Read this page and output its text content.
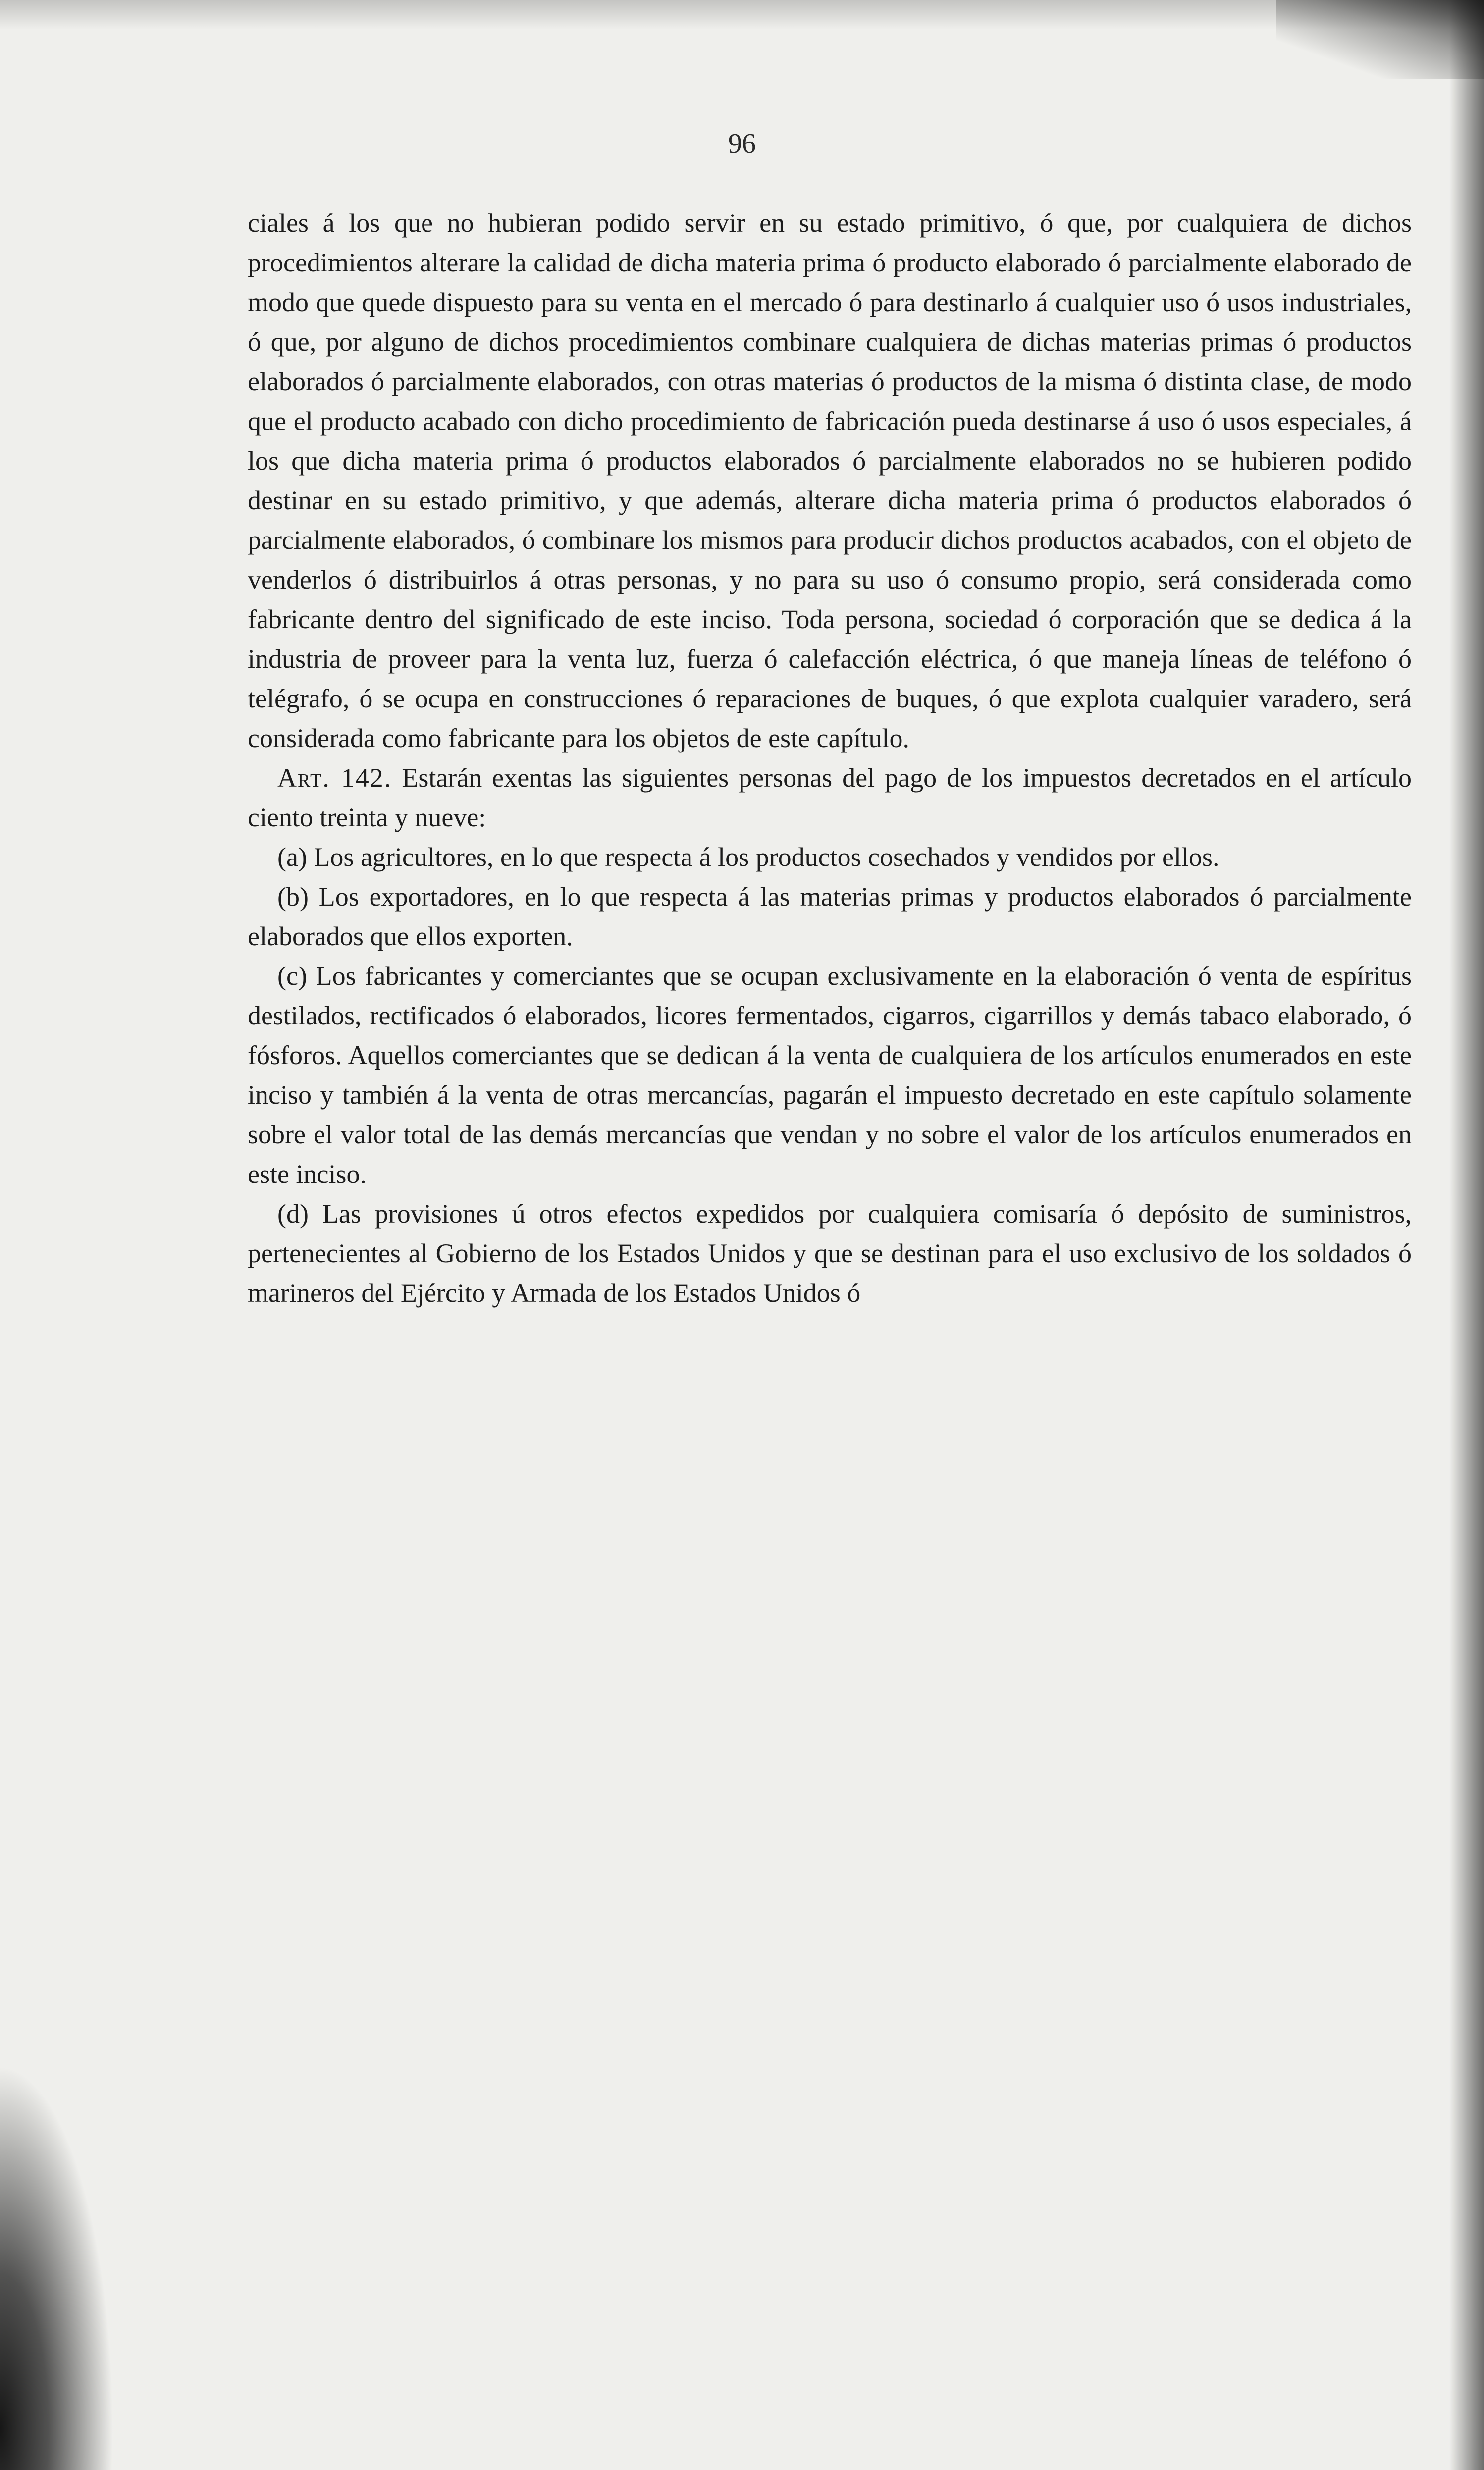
96

ciales á los que no hubieran podido servir en su estado primitivo, ó que, por cualquiera de dichos procedimientos alterare la calidad de dicha materia prima ó producto elaborado ó parcialmente elaborado de modo que quede dispuesto para su venta en el mercado ó para destinarlo á cualquier uso ó usos industriales, ó que, por alguno de dichos procedimientos combinare cualquiera de dichas materias primas ó productos elaborados ó parcialmente elaborados, con otras materias ó productos de la misma ó distinta clase, de modo que el producto acabado con dicho procedimiento de fabricación pueda destinarse á uso ó usos especiales, á los que dicha materia prima ó productos elaborados ó parcialmente elaborados no se hubieren podido destinar en su estado primitivo, y que además, alterare dicha materia prima ó productos elaborados ó parcialmente elaborados, ó combinare los mismos para producir dichos productos acabados, con el objeto de venderlos ó distribuirlos á otras personas, y no para su uso ó consumo propio, será considerada como fabricante dentro del significado de este inciso. Toda persona, sociedad ó corporación que se dedica á la industria de proveer para la venta luz, fuerza ó calefacción eléctrica, ó que maneja líneas de teléfono ó telégrafo, ó se ocupa en construcciones ó reparaciones de buques, ó que explota cualquier varadero, será considerada como fabricante para los objetos de este capítulo.

Art. 142. Estarán exentas las siguientes personas del pago de los impuestos decretados en el artículo ciento treinta y nueve:

(a) Los agricultores, en lo que respecta á los productos cosechados y vendidos por ellos.

(b) Los exportadores, en lo que respecta á las materias primas y productos elaborados ó parcialmente elaborados que ellos exporten.

(c) Los fabricantes y comerciantes que se ocupan exclusivamente en la elaboración ó venta de espíritus destilados, rectificados ó elaborados, licores fermentados, cigarros, cigarrillos y demás tabaco elaborado, ó fósforos. Aquellos comerciantes que se dedican á la venta de cualquiera de los artículos enumerados en este inciso y también á la venta de otras mercancías, pagarán el impuesto decretado en este capítulo solamente sobre el valor total de las demás mercancías que vendan y no sobre el valor de los artículos enumerados en este inciso.

(d) Las provisiones ú otros efectos expedidos por cualquiera comisaría ó depósito de suministros, pertenecientes al Gobierno de los Estados Unidos y que se destinan para el uso exclusivo de los soldados ó marineros del Ejército y Armada de los Estados Unidos ó
